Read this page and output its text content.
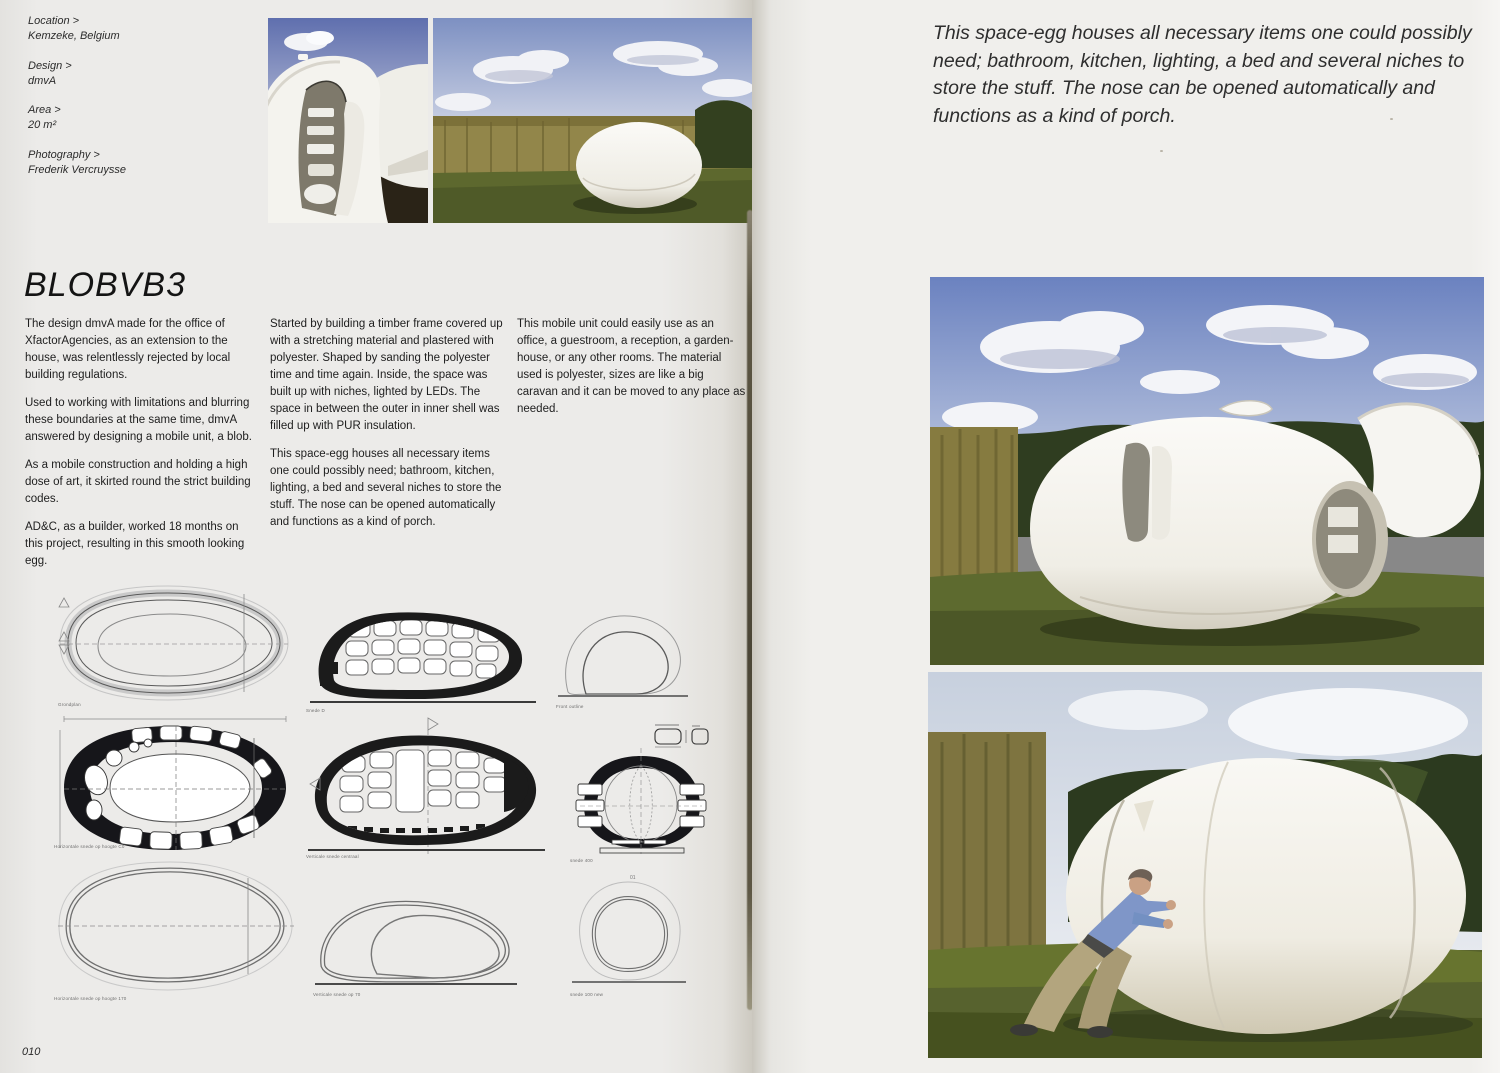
Location >
Kemzeke, Belgium
Design >
dmvA
Area >
20 m²
Photography >
Frederik Vercruysse
BLOBVB3

The design dmvA made for the office of XfactorAgencies, as an extension to the house, was relentlessly rejected by local building regulations.

Used to working with limitations and blurring these boundaries at the same time, dmvA answered by designing a mobile unit, a blob.

As a mobile construction and holding a high dose of art, it skirted round the strict building codes.

AD&C, as a builder, worked 18 months on this project, resulting in this smooth looking egg.

Started by building a timber frame covered up with a stretching material and plastered with polyester. Shaped by sanding the polyester time and time again. Inside, the space was built up with niches, lighted by LEDs. The space in between the outer in inner shell was filled up with PUR insulation.

This space-egg houses all necessary items one could possibly need; bathroom, kitchen, lighting, a bed and several niches to store the stuff. The nose can be opened automatically and functions as a kind of porch.

This mobile unit could easily use as an office, a guestroom, a reception, a garden-house, or any other rooms. The material used is polyester, sizes are like a big caravan and it can be moved to any place as needed.

Grondplan
Snede D
Front outline
Horizontale snede op hoogte C0
Verticale snede centraal
snede 400
Horizontale snede op hoogte 170
Verticale snede op 70
01
snede 100 new
010
This space-egg houses all necessary items one could possibly need; bathroom, kitchen, lighting, a bed and several niches to store the stuff. The nose can be opened automatically and functions as a kind of porch.
